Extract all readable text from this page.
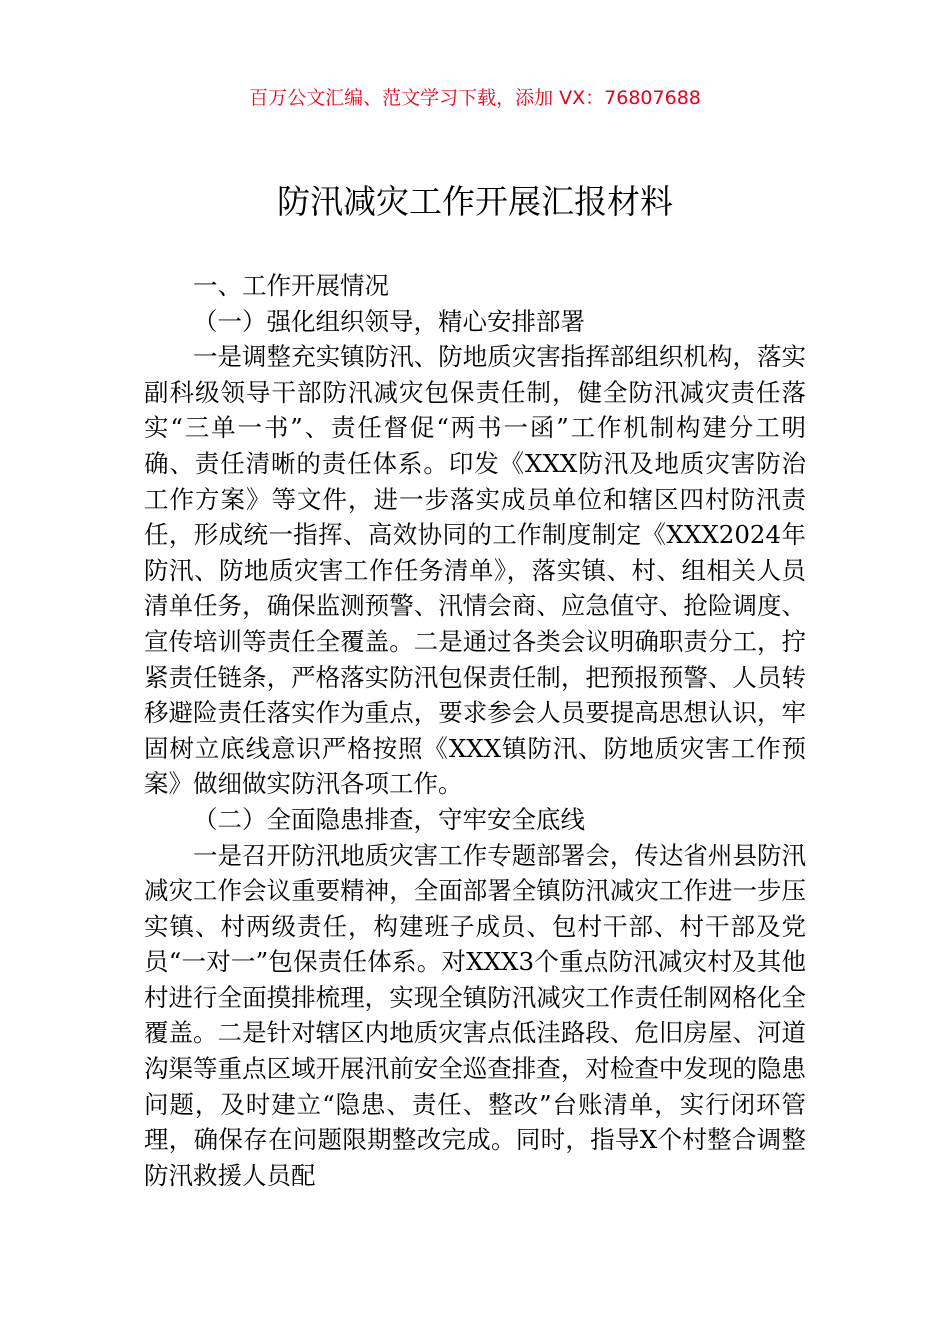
百万公文汇编、范文学习下载，添加 VX：76807688
防汛减灾工作开展汇报材料

一、工作开展情况

（一）强化组织领导，精心安排部署

一是调整充实镇防汛、防地质灾害指挥部组织机构，落实副科级领导干部防汛减灾包保责任制，健全防汛减灾责任落实“三单一书”、责任督促“两书一函”工作机制构建分工明确、责任清晰的责任体系。印发《XXX防汛及地质灾害防治工作方案》等文件，进一步落实成员单位和辖区四村防汛责任，形成统一指挥、高效协同的工作制度制定《XXX2024年防汛、防地质灾害工作任务清单》，落实镇、村、组相关人员清单任务，确保监测预警、汛情会商、应急值守、抢险调度、宣传培训等责任全覆盖。二是通过各类会议明确职责分工，拧紧责任链条，严格落实防汛包保责任制，把预报预警、人员转移避险责任落实作为重点，要求参会人员要提高思想认识，牢固树立底线意识严格按照《XXX镇防汛、防地质灾害工作预案》做细做实防汛各项工作。

（二）全面隐患排查，守牢安全底线

一是召开防汛地质灾害工作专题部署会，传达省州县防汛减灾工作会议重要精神，全面部署全镇防汛减灾工作进一步压实镇、村两级责任，构建班子成员、包村干部、村干部及党员“一对一”包保责任体系。对XXX3个重点防汛减灾村及其他村进行全面摸排梳理，实现全镇防汛减灾工作责任制网格化全覆盖。二是针对辖区内地质灾害点低洼路段、危旧房屋、河道沟渠等重点区域开展汛前安全巡查排查，对检查中发现的隐患问题，及时建立“隐患、责任、整改”台账清单，实行闭环管理，确保存在问题限期整改完成。同时，指导X个村整合调整防汛救援人员配
